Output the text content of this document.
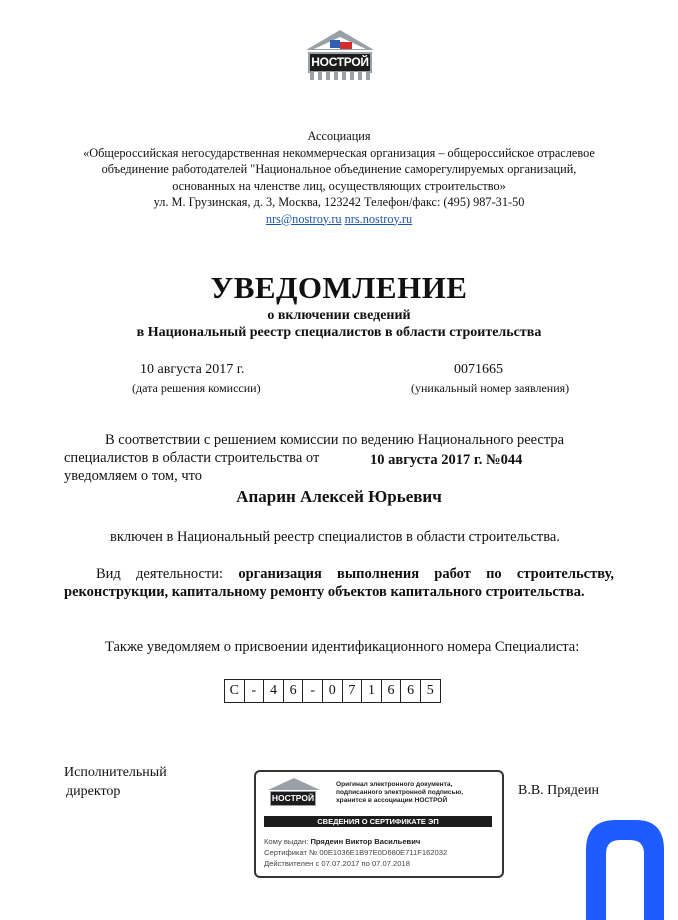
НОСТРОЙ
Ассоциация
«Общероссийская негосударственная некоммерческая организация – общероссийское отраслевое
объединение работодателей "Национальное объединение саморегулируемых организаций,
основанных на членстве лиц, осуществляющих строительство»
ул. М. Грузинская, д. 3, Москва, 123242 Телефон/факс: (495) 987-31-50
nrs@nostroy.ru nrs.nostroy.ru
УВЕДОМЛЕНИЕ
о включении сведений
в Национальный реестр специалистов в области строительства
10 августа 2017 г.
(дата решения комиссии)
0071665
(уникальный номер заявления)
В соответствии с решением комиссии по ведению Национального реестра
специалистов в области строительства от	10 августа 2017 г. №044
уведомляем о том, что
Апарин Алексей Юрьевич
включен в Национальный реестр специалистов в области строительства.
Вид деятельности: организация выполнения работ по строительству, реконструкции, капитальному ремонту объектов капитального строительства.
Также уведомляем о присвоении идентификационного номера Специалиста:
С - 4 6 - 0 7 1 6 6 5
Исполнительный
директор	В.В. Прядеин
НОСТРОЙ
Оригинал электронного документа,
подписанного электронной подписью,
хранится в ассоциации НОСТРОЙ
СВЕДЕНИЯ О СЕРТИФИКАТЕ ЭП
Кому выдан: Прядеин Виктор Васильевич
Сертификат № 00E1036E1B97E0D680E711F162032
Действителен с 07.07.2017 по 07.07.2018
